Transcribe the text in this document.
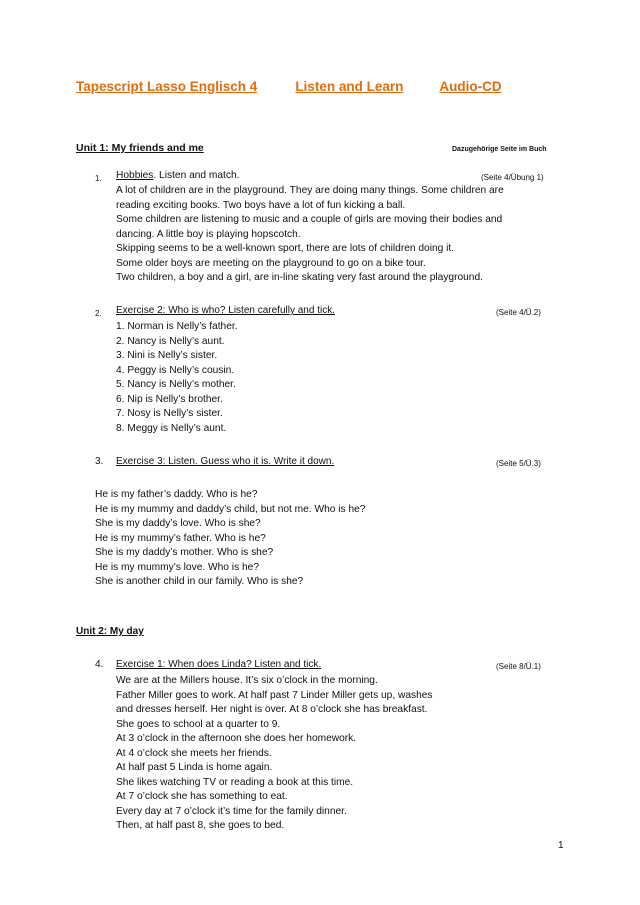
Tapescript Lasso Englisch 4	Listen and Learn	Audio-CD
Unit 1: My friends and me	Dazugehörige Seite im Buch
1. Hobbies. Listen and match.	(Seite 4/Übung 1)
A lot of children are in the playground. They are doing many things. Some children are
reading exciting books. Two boys have a lot of fun kicking a ball.
Some children are listening to music and a couple of girls are moving their bodies and
dancing. A little boy is playing hopscotch.
Skipping seems to be a well-known sport, there are lots of children doing it.
Some older boys are meeting on the playground to go on a bike tour.
Two children, a boy and a girl, are in-line skating very fast around the playground.
2. Exercise 2: Who is who? Listen carefully and tick.	(Seite 4/Ü.2)
1. Norman is Nelly’s father.
2. Nancy is Nelly’s aunt.
3. Nini is Nelly’s sister.
4. Peggy is Nelly’s cousin.
5. Nancy is Nelly’s mother.
6. Nip is Nelly’s brother.
7. Nosy is Nelly’s sister.
8. Meggy is Nelly’s aunt.
3. Exercise 3: Listen. Guess who it is. Write it down.	(Seite 5/Ü.3)
He is my father’s daddy. Who is he?
He is my mummy and daddy’s child, but not me. Who is he?
She is my daddy’s love. Who is she?
He is my mummy’s father. Who is he?
She is my daddy’s mother. Who is she?
He is my mummy’s love. Who is he?
She is another child in our family. Who is she?
Unit 2: My day
4. Exercise 1: When does Linda? Listen and tick.	(Seite 8/Ü.1)
We are at the Millers house. It’s six o’clock in the morning.
Father Miller goes to work. At half past 7 Linder Miller gets up, washes
and dresses herself. Her night is over. At 8 o’clock she has breakfast.
She goes to school at a quarter to 9.
At 3 o’clock in the afternoon she does her homework.
At 4 o’clock she meets her friends.
At half past 5 Linda is home again.
She likes watching TV or reading a book at this time.
At 7 o’clock she has something to eat.
Every day at 7 o’clock it’s time for the family dinner.
Then, at half past 8, she goes to bed.
1
